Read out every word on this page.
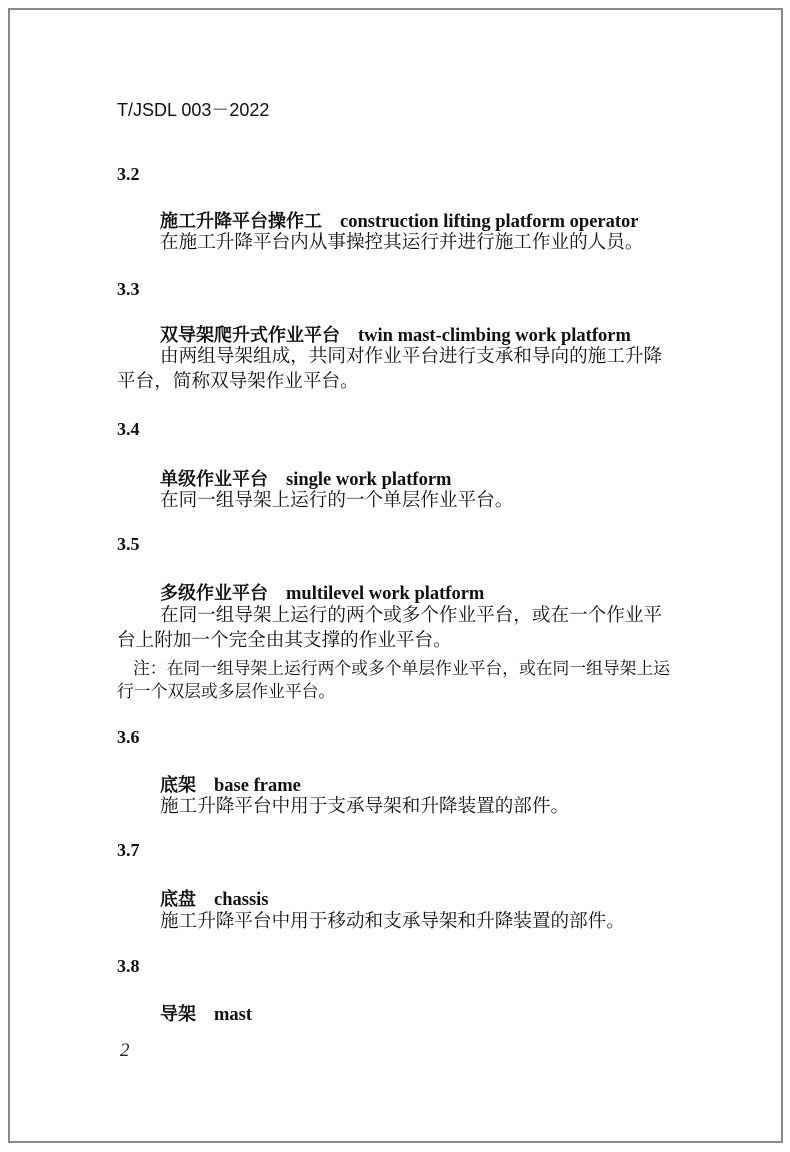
T/JSDL 003－2022
3.2
施工升降平台操作工 construction lifting platform operator
在施工升降平台内从事操控其运行并进行施工作业的人员。
3.3
双导架爬升式作业平台 twin mast-climbing work platform
由两组导架组成，共同对作业平台进行支承和导向的施工升降平台，简称双导架作业平台。
3.4
单级作业平台 single work platform
在同一组导架上运行的一个单层作业平台。
3.5
多级作业平台 multilevel work platform
在同一组导架上运行的两个或多个作业平台，或在一个作业平台上附加一个完全由其支撑的作业平台。
注：在同一组导架上运行两个或多个单层作业平台，或在同一组导架上运行一个双层或多层作业平台。
3.6
底架 base frame
施工升降平台中用于支承导架和升降装置的部件。
3.7
底盘 chassis
施工升降平台中用于移动和支承导架和升降装置的部件。
3.8
导架 mast
2
